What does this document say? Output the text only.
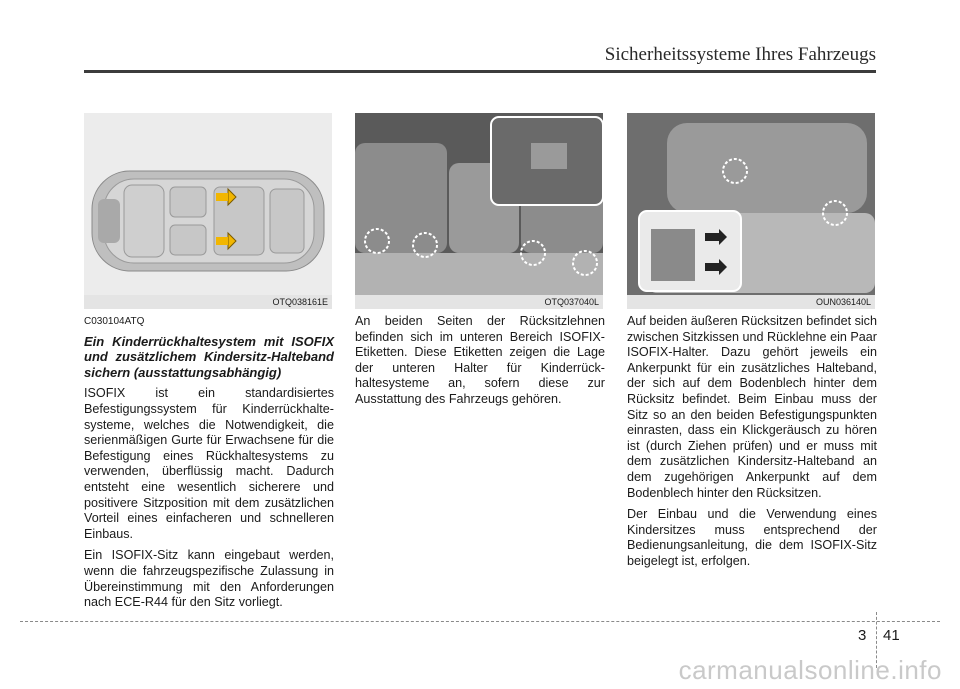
Sicherheitssysteme Ihres Fahrzeugs
OTQ038161E	OTQ037040L	OUN036140L
C030104ATQ
Ein Kinderrückhaltesystem mit ISOFIX und zusätzlichem Kindersitz-Halteband sichern (ausstattungsabhängig)

ISOFIX ist ein standardisiertes Befestigungssystem für Kinderrückhalte-systeme, welches die Notwendigkeit, die serienmäßigen Gurte für Erwachsene für die Befestigung eines Rückhaltesystems zu verwenden, überflüssig macht. Dadurch entsteht eine wesentlich sicherere und positivere Sitzposition mit dem zusätzlichen Vorteil eines einfacheren und schnelleren Einbaus.

Ein ISOFIX-Sitz kann eingebaut werden, wenn die fahrzeugspezifische Zulassung in Übereinstimmung mit den Anforderungen nach ECE-R44 für den Sitz vorliegt.

An beiden Seiten der Rücksitzlehnen befinden sich im unteren Bereich ISOFIX-Etiketten. Diese Etiketten zeigen die Lage der unteren Halter für Kinderrück-haltesysteme an, sofern diese zur Ausstattung des Fahrzeugs gehören.

Auf beiden äußeren Rücksitzen befindet sich zwischen Sitzkissen und Rücklehne ein Paar ISOFIX-Halter. Dazu gehört jeweils ein Ankerpunkt für ein zusätzliches Halteband, der sich auf dem Bodenblech hinter dem Rücksitz befindet. Beim Einbau muss der Sitz so an den beiden Befestigungspunkten einrasten, dass ein Klickgeräusch zu hören ist (durch Ziehen prüfen) und er muss mit dem zusätzlichen Kindersitz-Halteband an dem zugehörigen Ankerpunkt auf dem Bodenblech hinter den Rücksitzen.

Der Einbau und die Verwendung eines Kindersitzes muss entsprechend der Bedienungsanleitung, die dem ISOFIX-Sitz beigelegt ist, erfolgen.

3 41
carmanualsonline.info
